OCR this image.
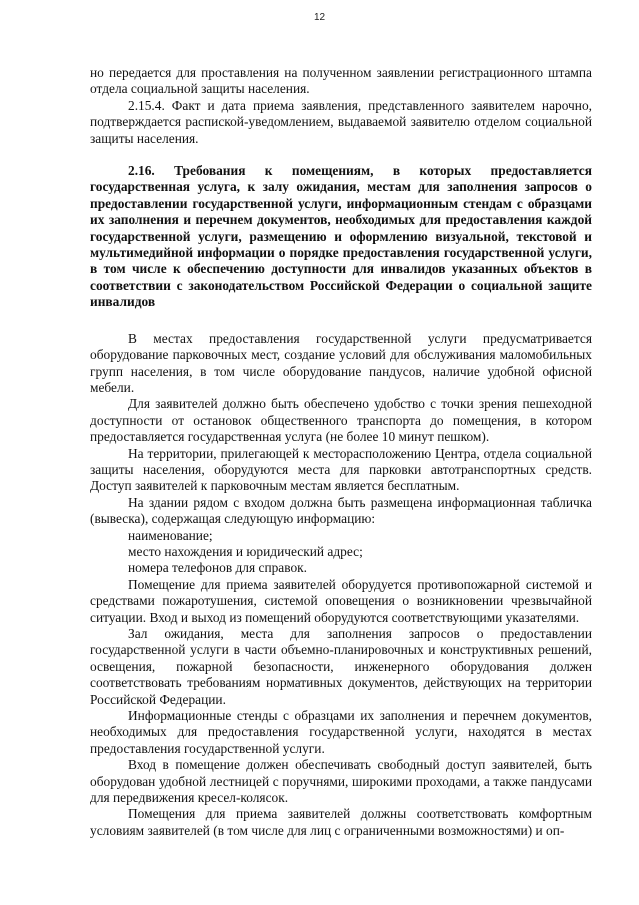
12

но передается для проставления на полученном заявлении регистрационного штампа отдела социальной защиты населения.

2.15.4. Факт и дата приема заявления, представленного заявителем нарочно, подтверждается распиской-уведомлением, выдаваемой заявителю отделом социальной защиты населения.

2.16. Требования к помещениям, в которых предоставляется государственная услуга, к залу ожидания, местам для заполнения запросов о предоставлении государственной услуги, информационным стендам с образцами их заполнения и перечнем документов, необходимых для предоставления каждой государственной услуги, размещению и оформлению визуальной, текстовой и мультимедийной информации о порядке предоставления государственной услуги, в том числе к обеспечению доступности для инвалидов указанных объектов в соответствии с законодательством Российской Федерации о социальной защите инвалидов

В местах предоставления государственной услуги предусматривается оборудование парковочных мест, создание условий для обслуживания маломобильных групп населения, в том числе оборудование пандусов, наличие удобной офисной мебели.

Для заявителей должно быть обеспечено удобство с точки зрения пешеходной доступности от остановок общественного транспорта до помещения, в котором предоставляется государственная услуга (не более 10 минут пешком).

На территории, прилегающей к месторасположению Центра, отдела социальной защиты населения, оборудуются места для парковки автотранспортных средств. Доступ заявителей к парковочным местам является бесплатным.

На здании рядом с входом должна быть размещена информационная табличка (вывеска), содержащая следующую информацию:

наименование;

место нахождения и юридический адрес;

номера телефонов для справок.

Помещение для приема заявителей оборудуется противопожарной системой и средствами пожаротушения, системой оповещения о возникновении чрезвычайной ситуации. Вход и выход из помещений оборудуются соответствующими указателями.

Зал ожидания, места для заполнения запросов о предоставлении государственной услуги в части объемно-планировочных и конструктивных решений, освещения, пожарной безопасности, инженерного оборудования должен соответствовать требованиям нормативных документов, действующих на территории Российской Федерации.

Информационные стенды с образцами их заполнения и перечнем документов, необходимых для предоставления государственной услуги, находятся в местах предоставления государственной услуги.

Вход в помещение должен обеспечивать свободный доступ заявителей, быть оборудован удобной лестницей с поручнями, широкими проходами, а также пандусами для передвижения кресел-колясок.

Помещения для приема заявителей должны соответствовать комфортным условиям заявителей (в том числе для лиц с ограниченными возможностями) и оп-
